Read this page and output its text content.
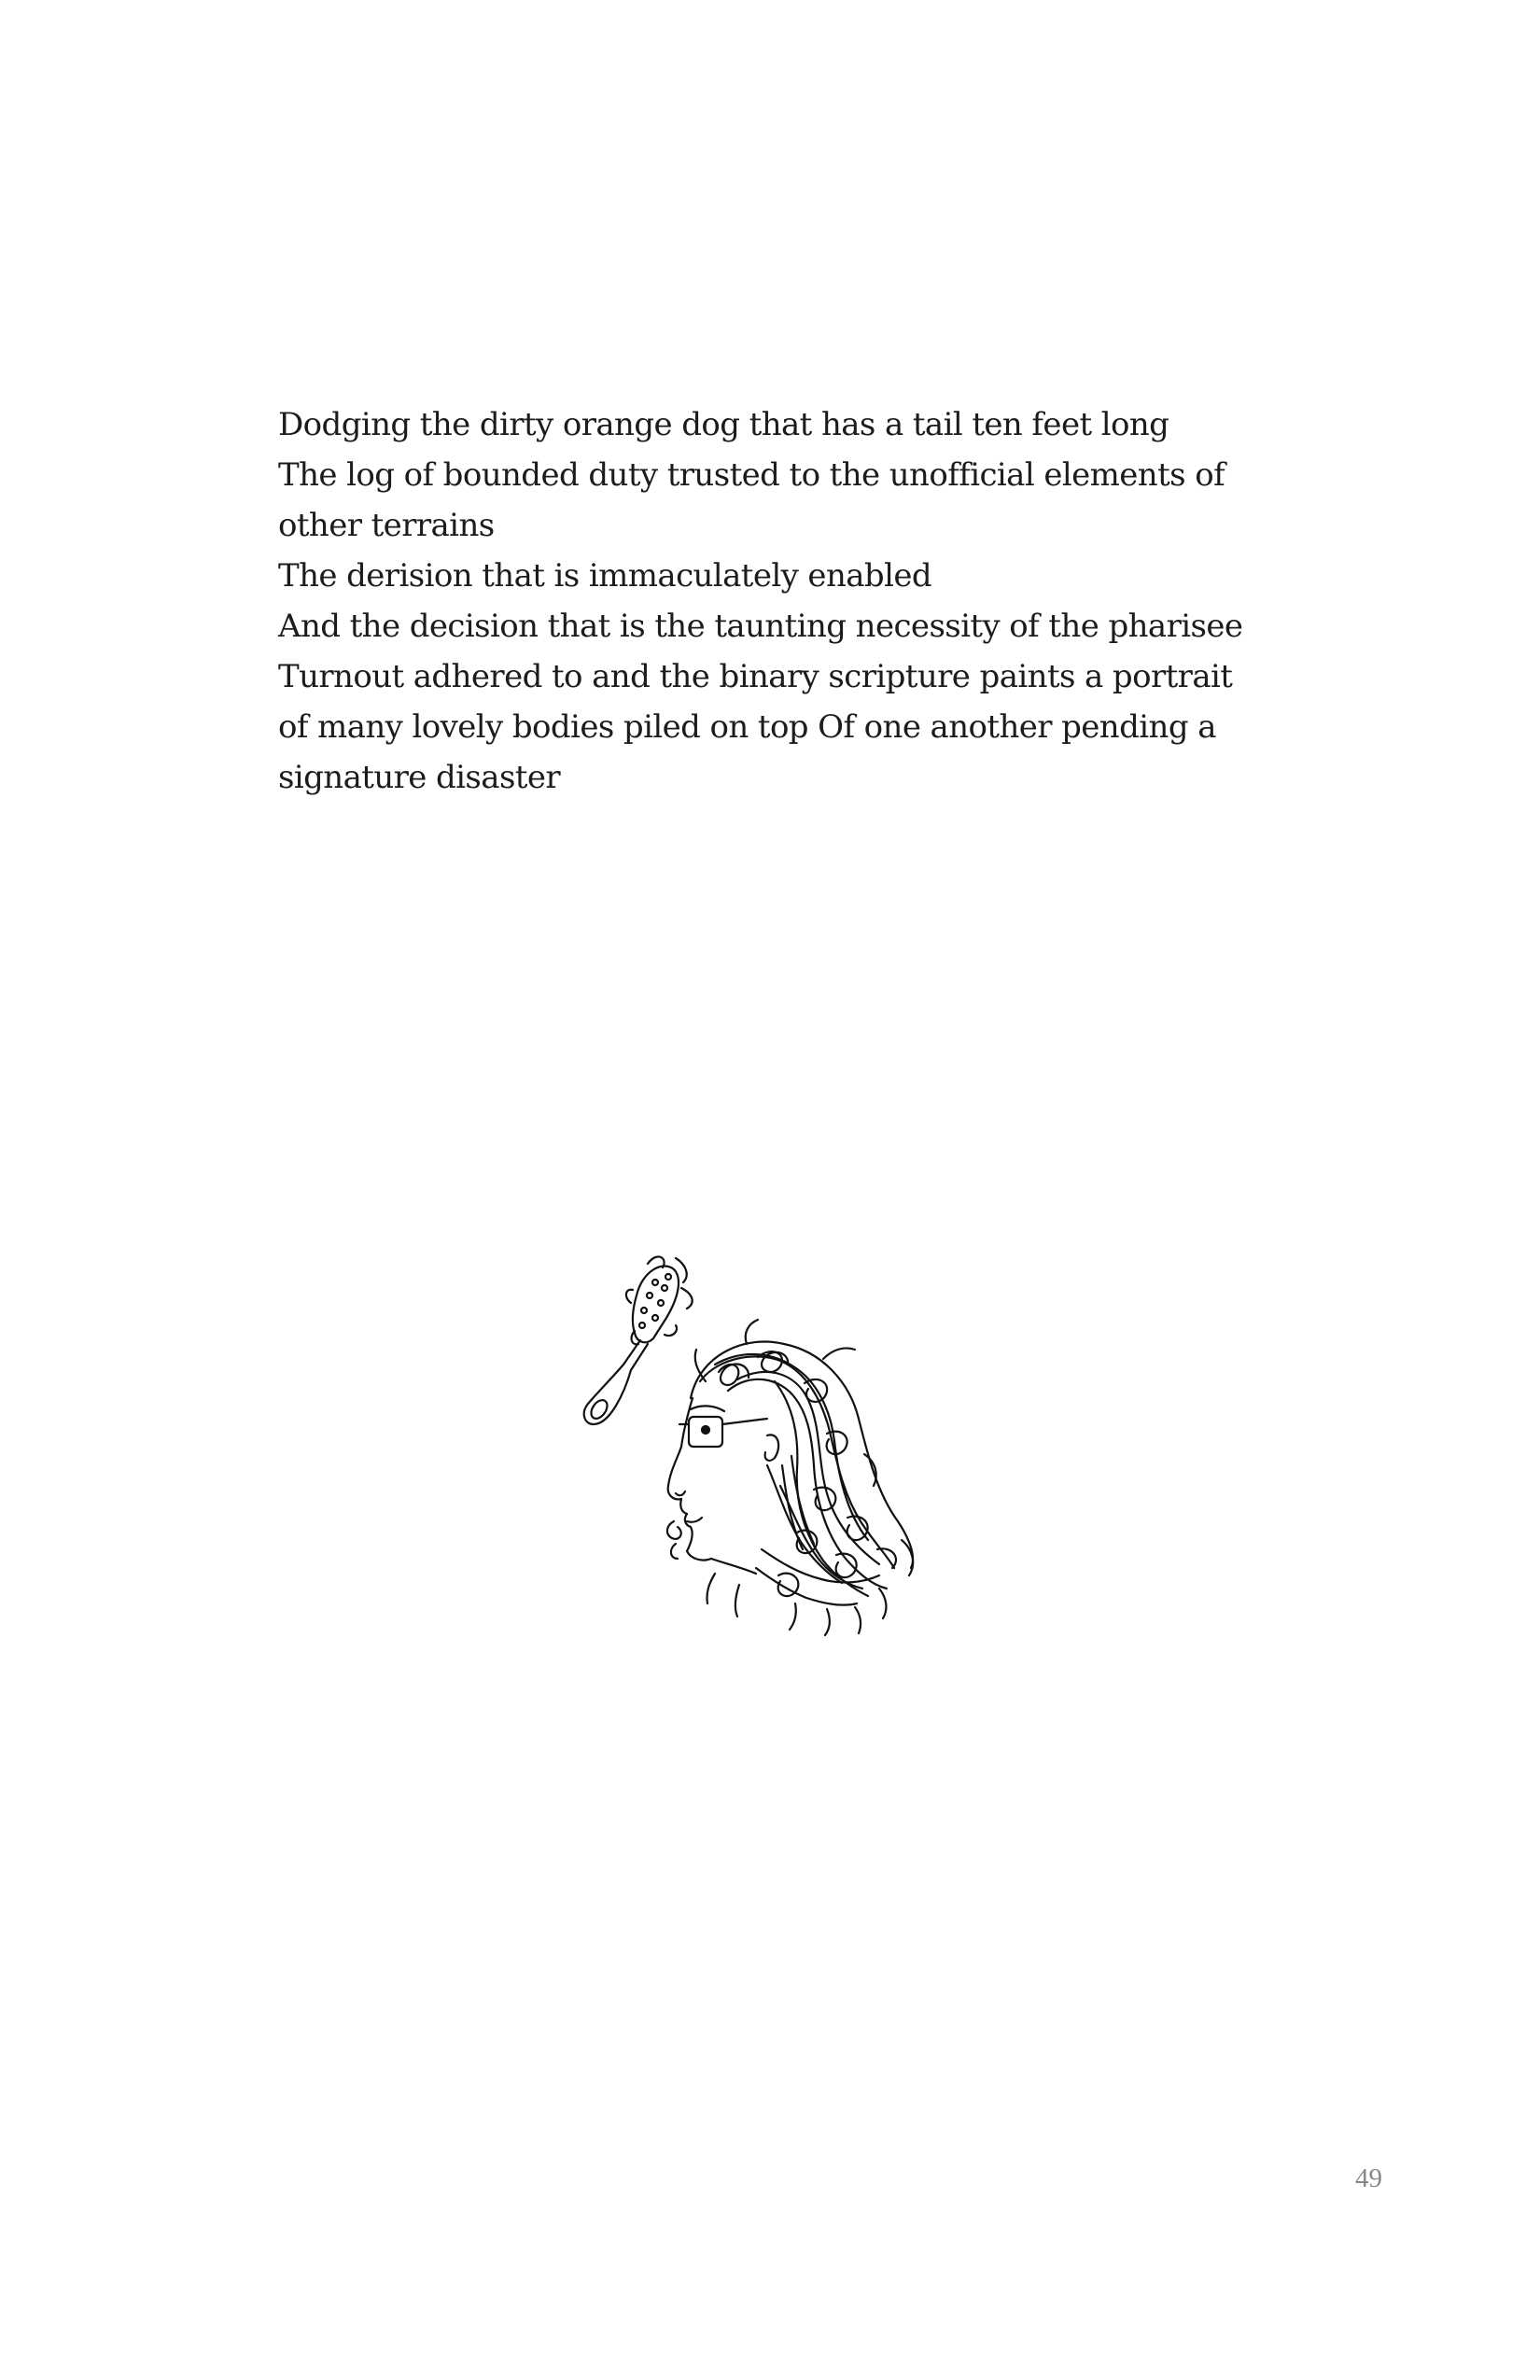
Dodging the dirty orange dog that has a tail ten feet long
The log of bounded duty trusted to the unofficial elements of
other terrains
The derision that is immaculately enabled
And the decision that is the taunting necessity of the pharisee
Turnout adhered to and the binary scripture paints a portrait
of many lovely bodies piled on top Of one another pending a
signature disaster
49
